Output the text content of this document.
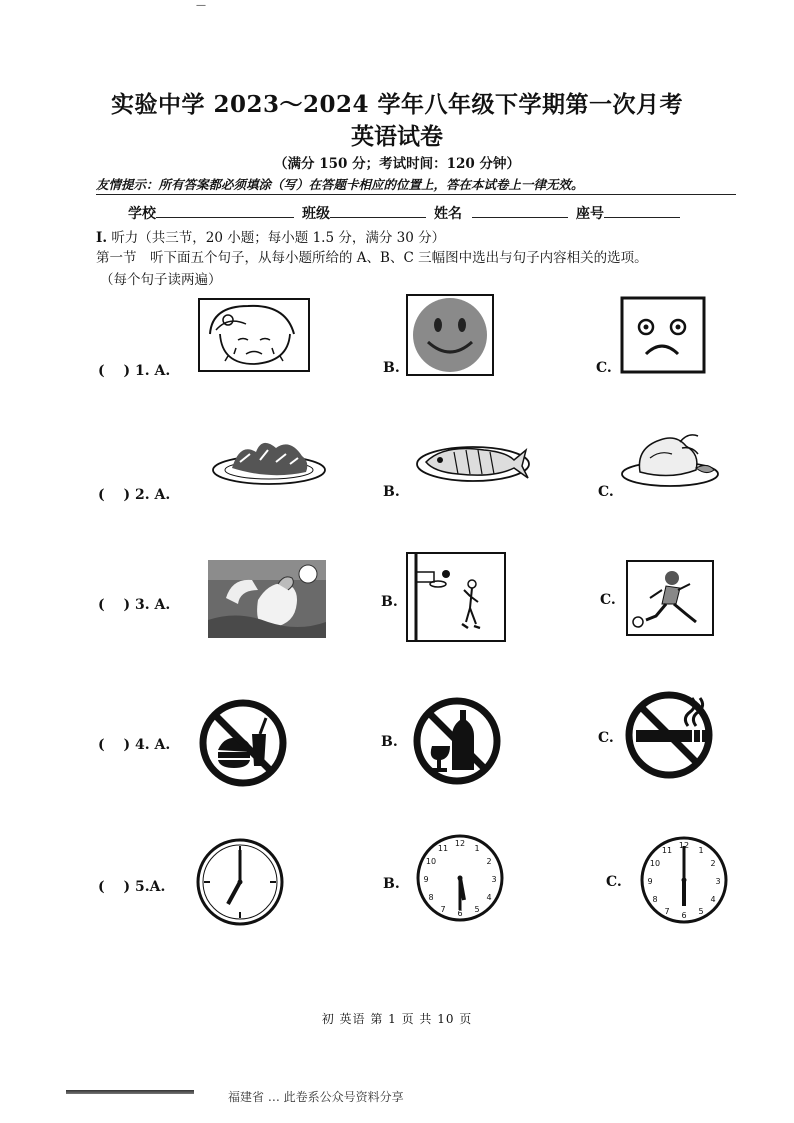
—
实验中学 2023～2024 学年八年级下学期第一次月考
英语试卷
（满分 150 分；考试时间：120 分钟）
友情提示：所有答案都必须填涂（写）在答题卡相应的位置上，答在本试卷上一律无效。
学校	班级	姓名	座号
I. 听力（共三节，20 小题；每小题 1.5 分，满分 30 分）
第一节　听下面五个句子，从每小题所给的 A、B、C 三幅图中选出与句子内容相关的选项。
（每个句子读两遍）
(　 ) 1. A.	B.	C.
(　 ) 2. A.	B.	C.
(　 ) 3. A.	B.	C.
(　 ) 4. A.	B.	C.
(　 ) 5.A.	B.
12
3
6
9
1
2
4
5
7
8
10
11
C.
12
3
6
9
1
2
4
5
7
8
10
11
初 英语 第 1 页 共 10 页
福建省 … 此卷系公众号资料分享
